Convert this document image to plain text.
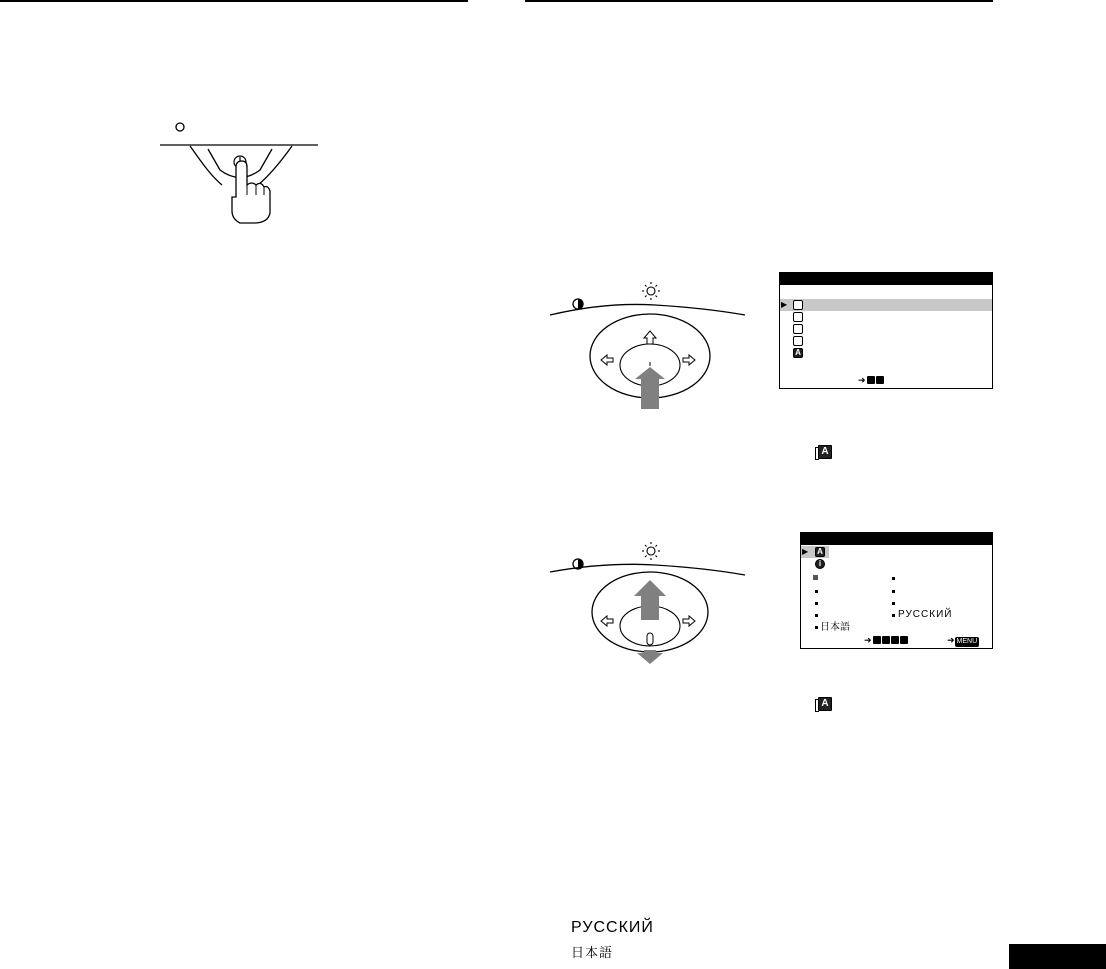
▶
A
➜
A
▶ A
i
日本語
РУССКИЙ
➜	➜ MENU
A
РУССКИЙ
日本語
